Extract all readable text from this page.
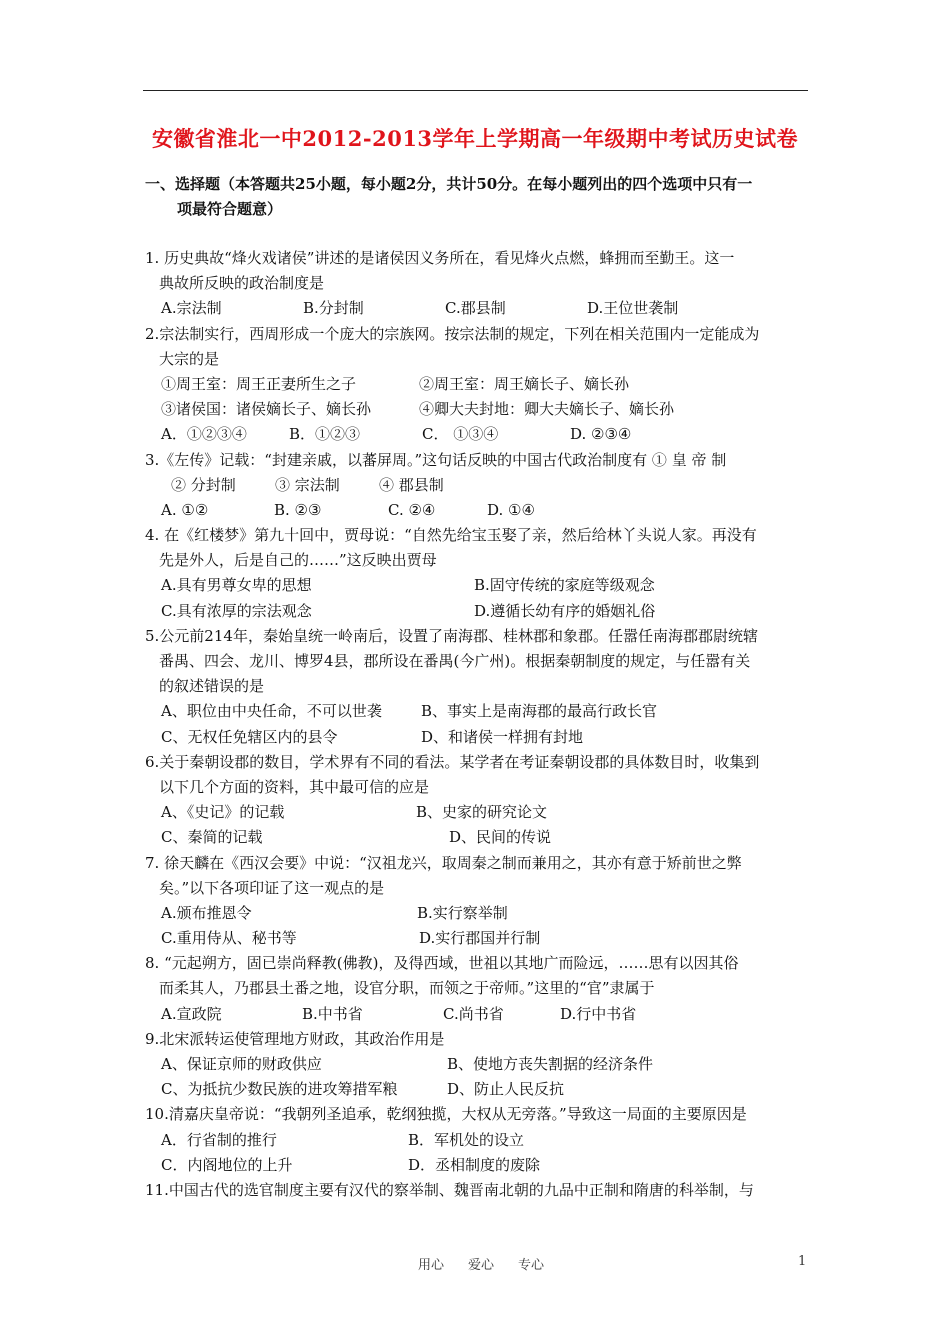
安徽省淮北一中2012-2013学年上学期高一年级期中考试历史试卷
一、选择题（本答题共25小题，每小题2分，共计50分。在每小题列出的四个选项中只有一
项最符合题意）
1. 历史典故“烽火戏诸侯”讲述的是诸侯因义务所在，看见烽火点燃，蜂拥而至勤王。这一
典故所反映的政治制度是
A.宗法制	B.分封制	C.郡县制	D.王位世袭制
2.宗法制实行，西周形成一个庞大的宗族网。按宗法制的规定，下列在相关范围内一定能成为
大宗的是
①周王室：周王正妻所生之子	②周王室：周王嫡长子、嫡长孙
③诸侯国：诸侯嫡长子、嫡长孙	④卿大夫封地：卿大夫嫡长子、嫡长孙
A．①②③④	B．①②③	C． ①③④	D. ②③④
3.《左传》记载：“封建亲戚，以蕃屏周。”这句话反映的中国古代政治制度有 ① 皇 帝 制
② 分封制	③ 宗法制	④ 郡县制
A. ①②	B. ②③	C. ②④	D. ①④
4. 在《红楼梦》第九十回中，贾母说：“自然先给宝玉娶了亲，然后给林丫头说人家。再没有
先是外人，后是自己的……”这反映出贾母
A.具有男尊女卑的思想	B.固守传统的家庭等级观念
C.具有浓厚的宗法观念	D.遵循长幼有序的婚姻礼俗
5.公元前214年，秦始皇统一岭南后，设置了南海郡、桂林郡和象郡。任嚣任南海郡郡尉统辖
番禺、四会、龙川、博罗4县，郡所设在番禺(今广州)。根据秦朝制度的规定，与任嚣有关
的叙述错误的是
A、职位由中央任命，不可以世袭	B、事实上是南海郡的最高行政长官
C、无权任免辖区内的县令	D、和诸侯一样拥有封地
6.关于秦朝设郡的数目，学术界有不同的看法。某学者在考证秦朝设郡的具体数目时，收集到
以下几个方面的资料，其中最可信的应是
A、《史记》的记载	B、史家的研究论文
C、秦简的记载	D、民间的传说
7. 徐天麟在《西汉会要》中说：“汉祖龙兴，取周秦之制而兼用之，其亦有意于矫前世之弊
矣。”以下各项印证了这一观点的是
A.颁布推恩令	B.实行察举制
C.重用侍从、秘书等	D.实行郡国并行制
8. “元起朔方，固已崇尚释教(佛教)，及得西域，世祖以其地广而险远，……思有以因其俗
而柔其人，乃郡县土番之地，设官分职，而领之于帝师。”这里的“官”隶属于
A.宣政院	B.中书省	C.尚书省	D.行中书省
9.北宋派转运使管理地方财政，其政治作用是
A、保证京师的财政供应	B、使地方丧失割据的经济条件
C、为抵抗少数民族的进攻筹措军粮	D、防止人民反抗
10.清嘉庆皇帝说：“我朝列圣追承，乾纲独揽，大权从无旁落。”导致这一局面的主要原因是
A．行省制的推行	B．军机处的设立
C．内阁地位的上升	D．丞相制度的废除
11.中国古代的选官制度主要有汉代的察举制、魏晋南北朝的九品中正制和隋唐的科举制，与
用心 爱心 专心	1
